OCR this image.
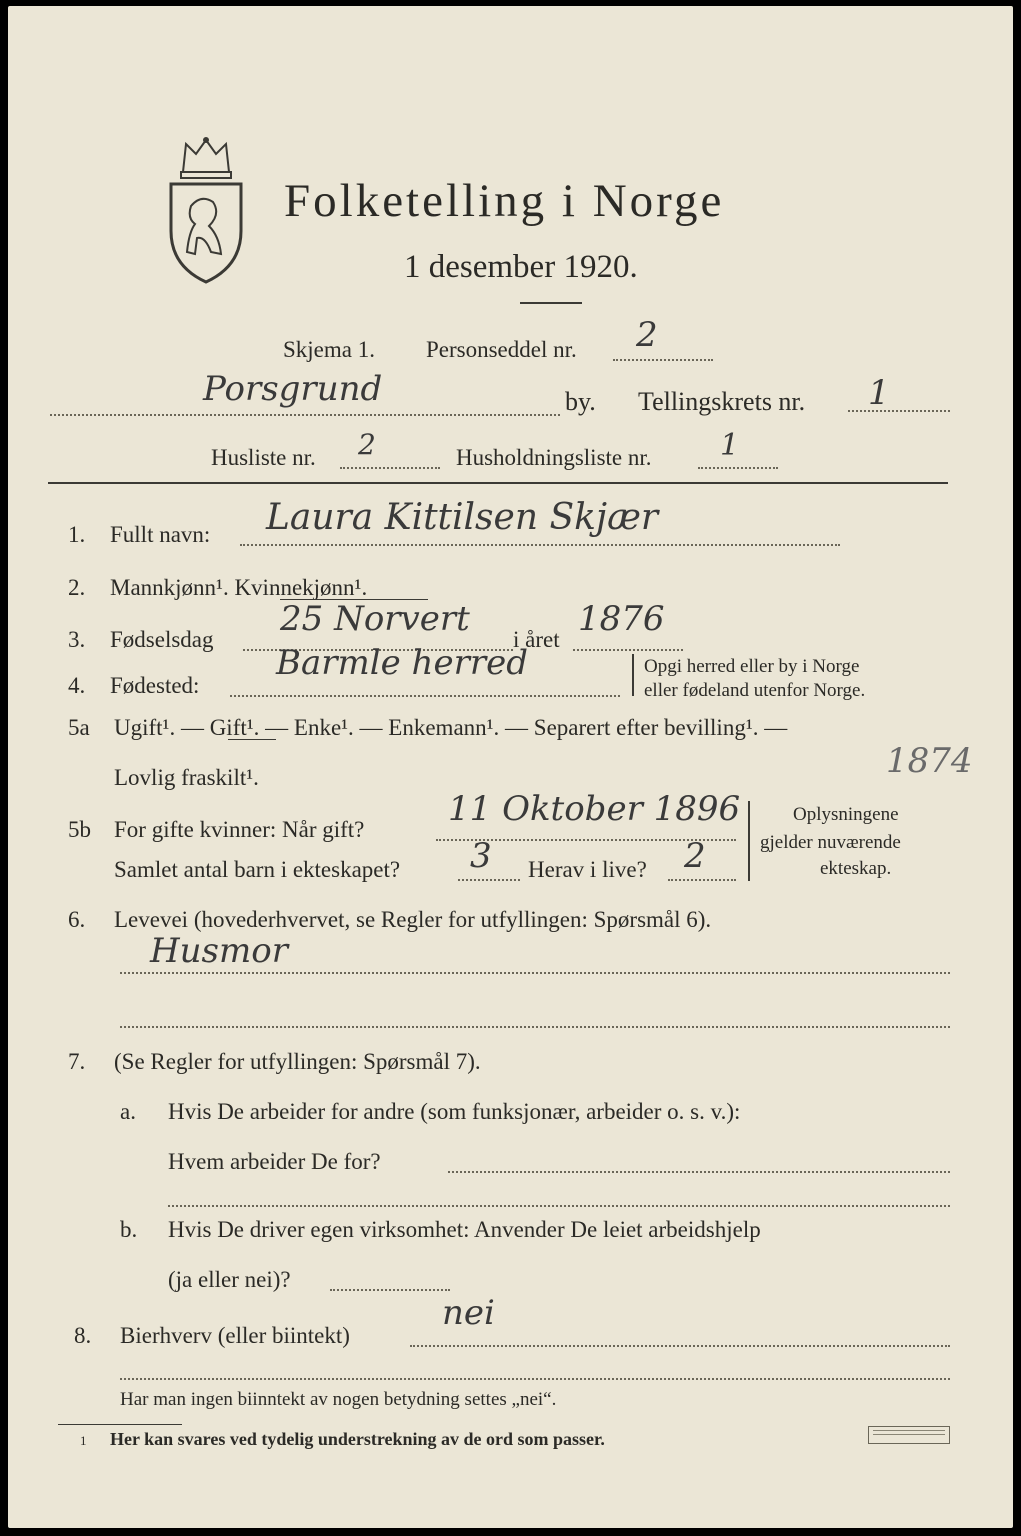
Folketelling i Norge
1 desember 1920.
Skjema 1. Personseddel nr. 2
Porsgrund	by. Tellingskrets nr. 1
Husliste nr. 2	Husholdningsliste nr. 1
1. Fullt navn: Laura Kittilsen Skjær
2. Mannkjønn¹. Kvinnekjønn¹.
3. Fødselsdag
25 Norvert
i året
1876
4. Fødested:
Barmle herred	Opgi herred eller by i Norge
eller fødeland utenfor Norge.
5a Ugift¹. — Gift¹. — Enke¹. — Enkemann¹. — Separert efter bevilling¹. —
Lovlig fraskilt¹.	1874
5b For gifte kvinner: Når gift?
11 Oktober 1896
Samlet antal barn i ekteskapet? 3 Herav i live? 2
Oplysningene
gjelder nuværende
ekteskap.
6. Levevei (hovederhvervet, se Regler for utfyllingen: Spørsmål 6).
Husmor
7. (Se Regler for utfyllingen: Spørsmål 7).
a. Hvis De arbeider for andre (som funksjonær, arbeider o. s. v.):
Hvem arbeider De for?
b. Hvis De driver egen virksomhet: Anvender De leiet arbeidshjelp
(ja eller nei)?
8. Bierhverv (eller biintekt)
nei
Har man ingen biinntekt av nogen betydning settes „nei“.
1 Her kan svares ved tydelig understrekning av de ord som passer.
